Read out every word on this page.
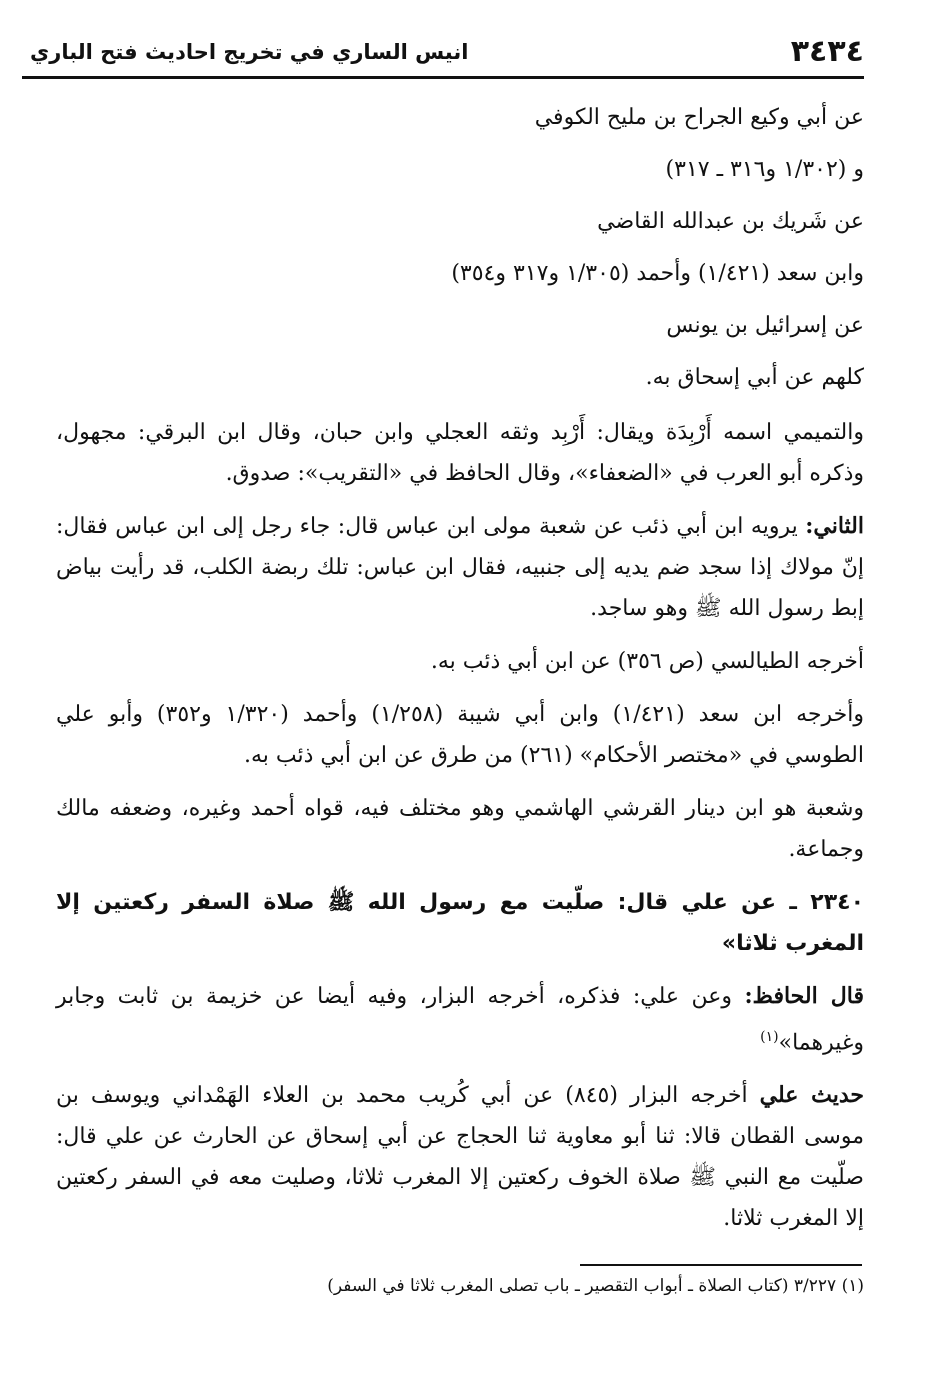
٣٤٣٤
انيس الساري في تخريج احاديث فتح الباري

عن أبي وكيع الجراح بن مليح الكوفي

و (١/٣٠٢ و٣١٦ ـ ٣١٧)

عن شَريك بن عبدالله القاضي

وابن سعد (١/٤٢١) وأحمد (١/٣٠٥ و٣١٧ و٣٥٤)

عن إسرائيل بن يونس

كلهم عن أبي إسحاق به.

والتميمي اسمه أَرْبِدَة ويقال: أَرْبِد وثقه العجلي وابن حبان، وقال ابن البرقي: مجهول، وذكره أبو العرب في «الضعفاء»، وقال الحافظ في «التقريب»: صدوق.

الثاني: يرويه ابن أبي ذئب عن شعبة مولى ابن عباس قال: جاء رجل إلى ابن عباس فقال: إنّ مولاك إذا سجد ضم يديه إلى جنبيه، فقال ابن عباس: تلك ربضة الكلب، قد رأيت بياض إبط رسول الله ﷺ وهو ساجد.

أخرجه الطيالسي (ص ٣٥٦) عن ابن أبي ذئب به.

وأخرجه ابن سعد (١/٤٢١) وابن أبي شيبة (١/٢٥٨) وأحمد (١/٣٢٠ و٣٥٢) وأبو علي الطوسي في «مختصر الأحكام» (٢٦١) من طرق عن ابن أبي ذئب به.

وشعبة هو ابن دينار القرشي الهاشمي وهو مختلف فيه، قواه أحمد وغيره، وضعفه مالك وجماعة.

٢٣٤٠ ـ عن علي قال: صلّيت مع رسول الله ﷺ صلاة السفر ركعتين إلا المغرب ثلاثا»

قال الحافظ: وعن علي: فذكره، أخرجه البزار، وفيه أيضا عن خزيمة بن ثابت وجابر وغيرهما»$^{(١)}$

حديث علي أخرجه البزار (٨٤٥) عن أبي كُريب محمد بن العلاء الهَمْداني ويوسف بن موسى القطان قالا: ثنا أبو معاوية ثنا الحجاج عن أبي إسحاق عن الحارث عن علي قال: صلّيت مع النبي ﷺ صلاة الخوف ركعتين إلا المغرب ثلاثا، وصليت معه في السفر ركعتين إلا المغرب ثلاثا.

(١) ٣/٢٢٧ (كتاب الصلاة ـ أبواب التقصير ـ باب تصلى المغرب ثلاثا في السفر)
